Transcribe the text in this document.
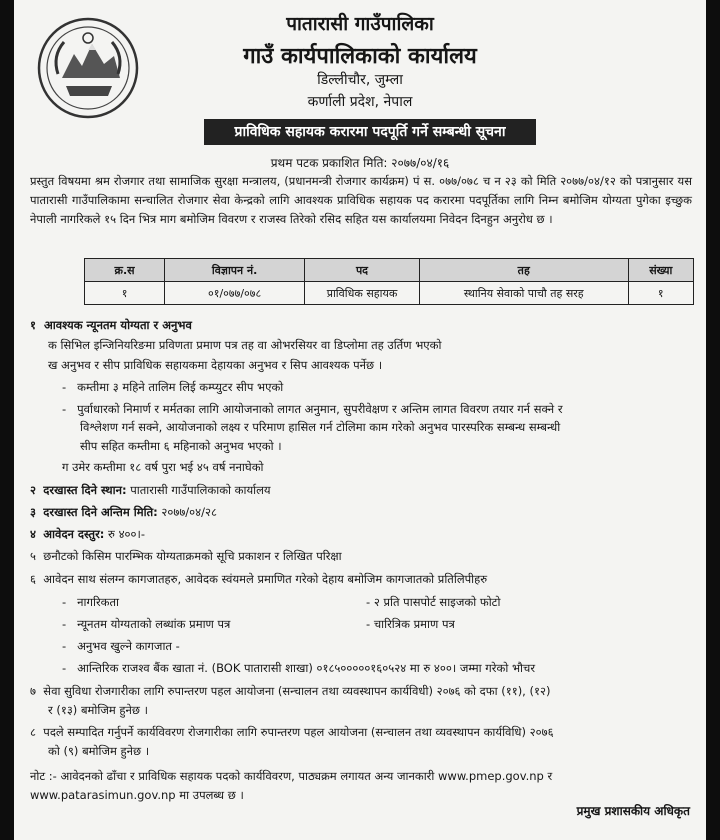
पातारासी गाउँपालिका
गाउँ कार्यपालिकाको कार्यालय
डिल्लीचौर, जुम्ला
कर्णाली प्रदेश, नेपाल
प्राविधिक सहायक करारमा पदपूर्ति गर्ने सम्बन्धी सूचना
प्रथम पटक प्रकाशित मिति: २०७७/०४/१६
प्रस्तुत विषयमा श्रम रोजगार तथा सामाजिक सुरक्षा मन्त्रालय, (प्रधानमन्त्री रोजगार कार्यक्रम) पं स. ०७७/०७८ च न २३ को मिति २०७७/०४/१२ को पत्रानुसार यस पातारासी गाउँपालिकामा सन्चालित रोजगार सेवा केन्द्रको लागि आवश्यक प्राविधिक सहायक पद करारमा पदपूर्तिका लागि निम्न बमोजिम योग्यता पुगेका इच्छुक नेपाली नागरिकले १५ दिन भित्र माग बमोजिम विवरण र राजस्व तिरेको रसिद सहित यस कार्यालयमा निवेदन दिनहुन अनुरोध छ ।
क्र.स	विज्ञापन नं.	पद	तह	संख्या
१	०१/०७७/०७८	प्राविधिक सहायक	स्थानिय सेवाको पाचौ तह सरह	१
१ आवश्यक न्यूनतम योग्यता र अनुभव
क सिभिल इन्जिनियरिङमा प्रविणता प्रमाण पत्र तह वा ओभरसियर वा डिप्लोमा तह उर्तिण भएको
ख अनुभव र सीप प्राविधिक सहायकमा देहायका अनुभव र सिप आवश्यक पर्नेछ ।
-   कम्तीमा ३ महिने तालिम लिई कम्प्युटर सीप भएको
-   पुर्वाधारको निमार्ण र मर्मतका लागि आयोजनाको लागत अनुमान, सुपरीवेक्षण र अन्तिम लागत विवरण तयार गर्न सक्ने र
विश्लेशण गर्न सक्ने, आयोजनाको लक्ष्य र परिमाण हासिल गर्न टोलिमा काम गरेको अनुभव पारस्परिक सम्बन्ध सम्बन्धी
सीप सहित कम्तीमा ६ महिनाको अनुभव भएको ।
ग उमेर कम्तीमा १८ वर्ष पुरा भई ४५ वर्ष ननाघेको
२ दरखास्त दिने स्थान: पातारासी गाउँपालिकाको कार्यालय
३ दरखास्त दिने अन्तिम मिति: २०७७/०४/२८
४ आवेदन दस्तुर: रु ४००।-
५ छनौटको किसिम पारम्भिक योग्यताक्रमको सूचि प्रकाशन र लिखित परिक्षा
६ आवेदन साथ संलग्न कागजातहरु, आवेदक स्वंयमले प्रमाणित गरेको देहाय बमोजिम कागजातको प्रतिलिपीहरु
-   नागरिकता	- २ प्रति पासपोर्ट साइजको फोटो
-   न्यूनतम योग्यताको लब्धांक प्रमाण पत्र	- चारित्रिक प्रमाण पत्र
-   अनुभव खुल्ने कागजात -
-   आन्तिरिक राजश्व बैंक खाता नं. (BOK पातारासी शाखा) ०१८५०००००१६०५२४ मा रु ४००। जम्मा गरेको भौचर
७ सेवा सुविधा रोजगारीका लागि रुपान्तरण पहल आयोजना (सन्चालन तथा व्यवस्थापन कार्यविधी) २०७६ को दफा (११), (१२)
र (१३) बमोजिम हुनेछ ।
८ पदले सम्पादित गर्नुपर्ने कार्यविवरण रोजगारीका लागि रुपान्तरण पहल आयोजना (सन्चालन तथा व्यवस्थापन कार्यविधि) २०७६
को (९) बमोजिम हुनेछ ।
नोट :- आवेदनको ढाँचा र प्राविधिक सहायक पदको कार्यविवरण, पाठ्यक्रम लगायत अन्य जानकारी www.pmep.gov.np र
www.patarasimun.gov.np मा उपलब्ध छ ।
प्रमुख प्रशासकीय अधिकृत
